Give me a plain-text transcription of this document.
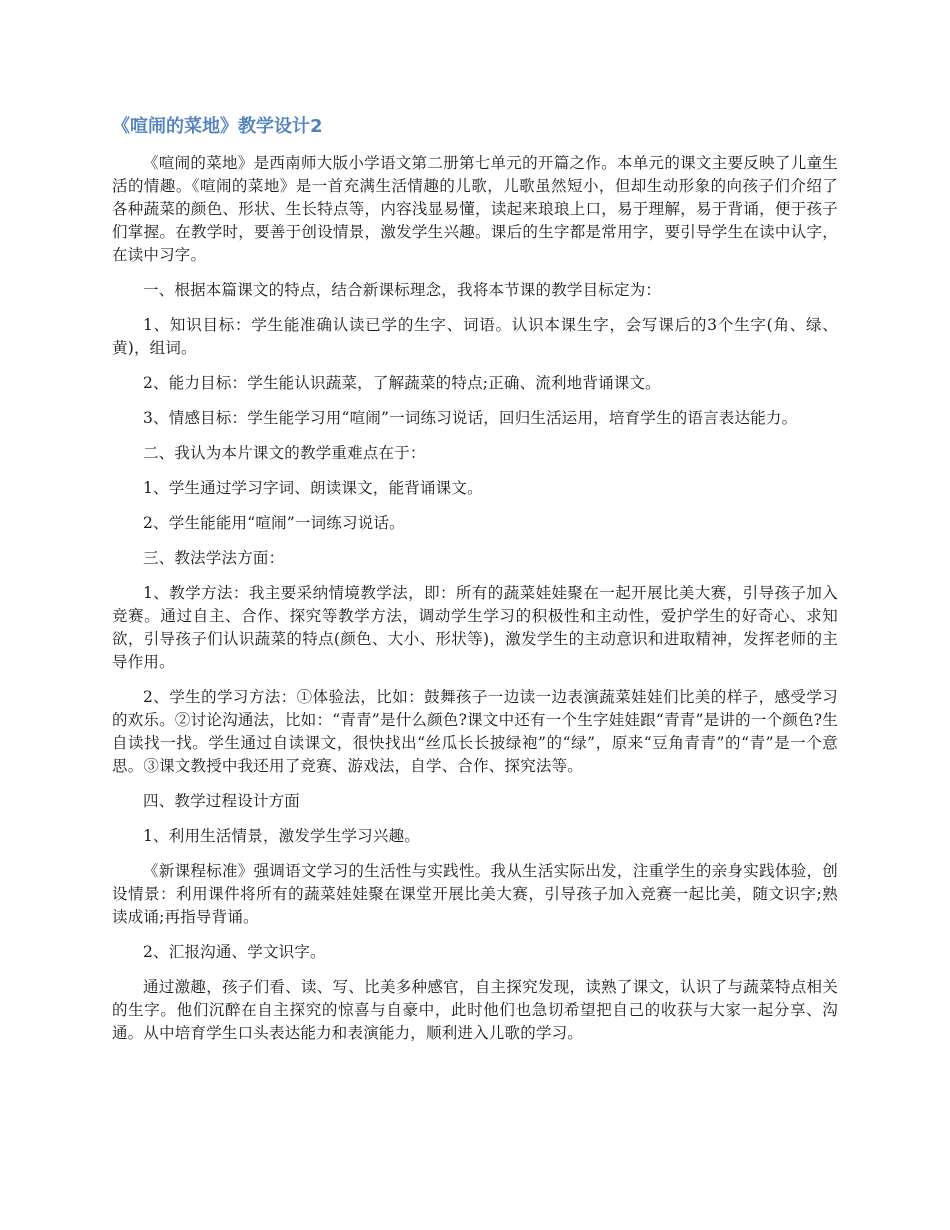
《喧闹的菜地》教学设计2

《喧闹的菜地》是西南师大版小学语文第二册第七单元的开篇之作。本单元的课文主要反映了儿童生活的情趣。《喧闹的菜地》是一首充满生活情趣的儿歌，儿歌虽然短小，但却生动形象的向孩子们介绍了各种蔬菜的颜色、形状、生长特点等，内容浅显易懂，读起来琅琅上口，易于理解，易于背诵，便于孩子们掌握。在教学时，要善于创设情景，激发学生兴趣。课后的生字都是常用字，要引导学生在读中认字，在读中习字。

一、根据本篇课文的特点，结合新课标理念，我将本节课的教学目标定为：

1、知识目标：学生能准确认读已学的生字、词语。认识本课生字，会写课后的3个生字(角、绿、黄)，组词。

2、能力目标：学生能认识蔬菜，了解蔬菜的特点;正确、流利地背诵课文。

3、情感目标：学生能学习用“喧闹”一词练习说话，回归生活运用，培育学生的语言表达能力。

二、我认为本片课文的教学重难点在于：

1、学生通过学习字词、朗读课文，能背诵课文。

2、学生能能用“喧闹”一词练习说话。

三、教法学法方面：

1、教学方法：我主要采纳情境教学法，即：所有的蔬菜娃娃聚在一起开展比美大赛，引导孩子加入竞赛。通过自主、合作、探究等教学方法，调动学生学习的积极性和主动性，爱护学生的好奇心、求知欲，引导孩子们认识蔬菜的特点(颜色、大小、形状等)，激发学生的主动意识和进取精神，发挥老师的主导作用。

2、学生的学习方法：①体验法，比如：鼓舞孩子一边读一边表演蔬菜娃娃们比美的样子，感受学习的欢乐。②讨论沟通法，比如：“青青”是什么颜色?课文中还有一个生字娃娃跟“青青”是讲的一个颜色?生自读找一找。学生通过自读课文，很快找出“丝瓜长长披绿袍”的“绿”，原来“豆角青青”的“青”是一个意思。③课文教授中我还用了竞赛、游戏法，自学、合作、探究法等。

四、教学过程设计方面

1、利用生活情景，激发学生学习兴趣。

《新课程标准》强调语文学习的生活性与实践性。我从生活实际出发，注重学生的亲身实践体验，创设情景：利用课件将所有的蔬菜娃娃聚在课堂开展比美大赛，引导孩子加入竞赛一起比美，随文识字;熟读成诵;再指导背诵。

2、汇报沟通、学文识字。

通过激趣，孩子们看、读、写、比美多种感官，自主探究发现，读熟了课文，认识了与蔬菜特点相关的生字。他们沉醉在自主探究的惊喜与自豪中，此时他们也急切希望把自己的收获与大家一起分享、沟通。从中培育学生口头表达能力和表演能力，顺利进入儿歌的学习。
